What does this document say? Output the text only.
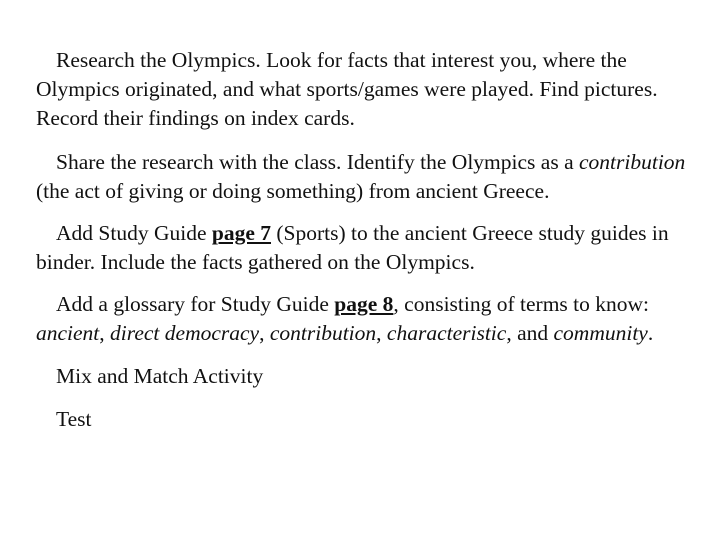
Research the Olympics. Look for facts that interest you, where the Olympics originated, and what sports/games were played. Find pictures. Record their findings on index cards.

Share the research with the class. Identify the Olympics as a contribution (the act of giving or doing something) from ancient Greece.

Add Study Guide page 7 (Sports) to the ancient Greece study guides in binder. Include the facts gathered on the Olympics.

Add a glossary for Study Guide page 8, consisting of terms to know: ancient, direct democracy, contribution, characteristic, and community.

Mix and Match Activity

Test
